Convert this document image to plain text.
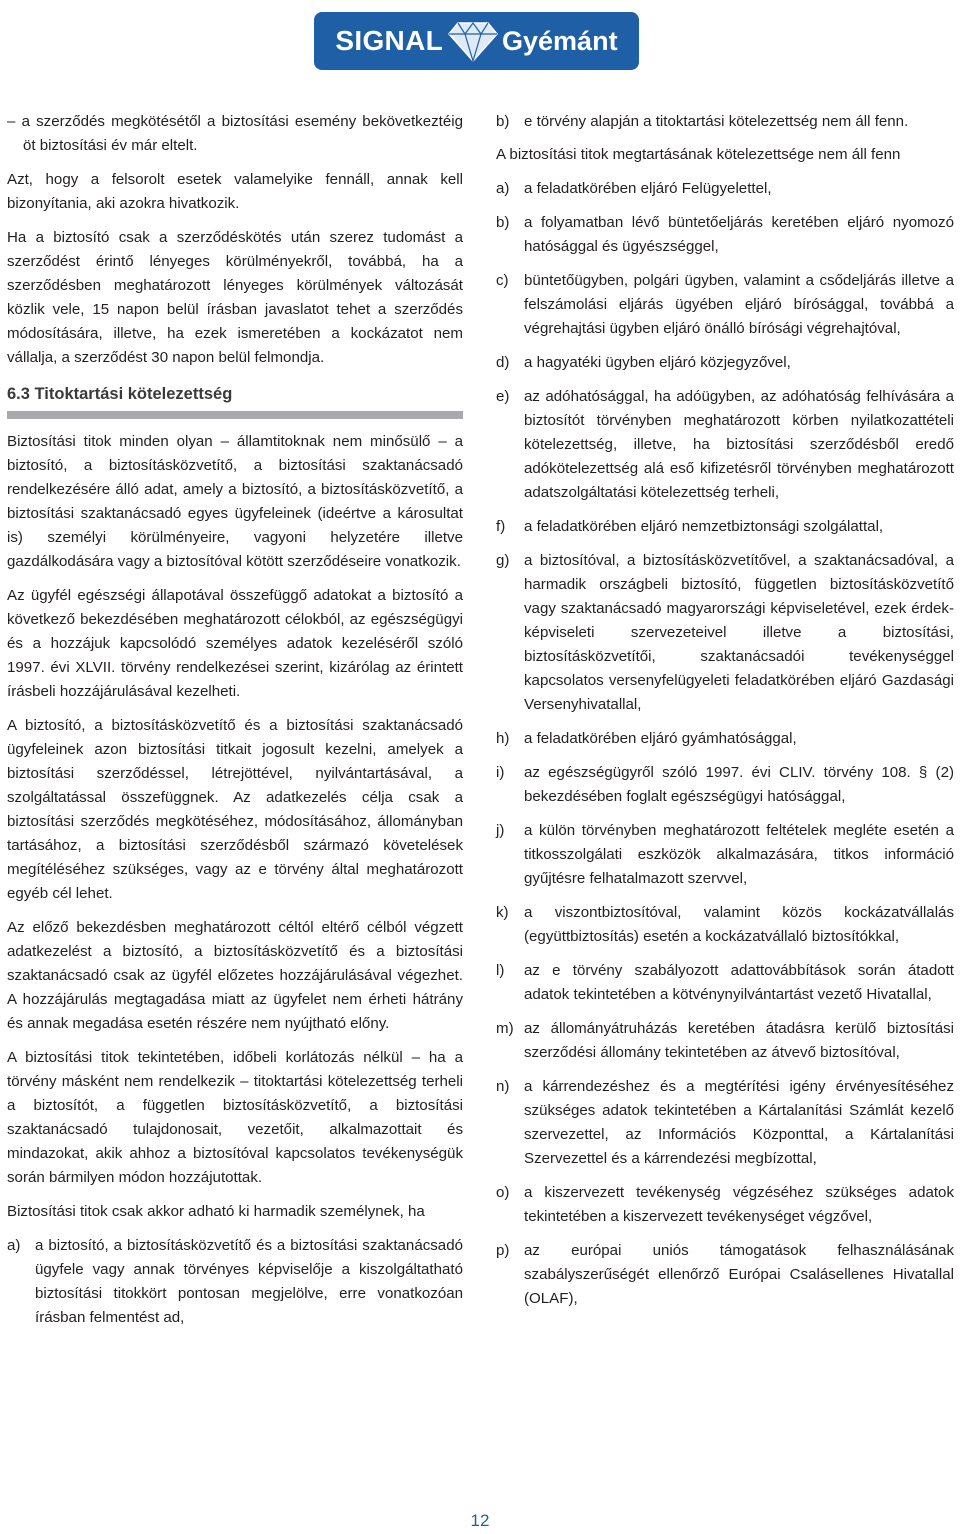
SIGNAL Gyémánt

– a szerződés megkötésétől a biztosítási esemény bekövetkeztéig öt biztosítási év már eltelt.

Azt, hogy a felsorolt esetek valamelyike fennáll, annak kell bizonyítania, aki azokra hivatkozik.

Ha a biztosító csak a szerződéskötés után szerez tudomást a szerződést érintő lényeges körülményekről, továbbá, ha a szerződésben meghatározott lényeges körülmények változását közlik vele, 15 napon belül írásban javaslatot tehet a szerződés módosítására, illetve, ha ezek ismeretében a kockázatot nem vállalja, a szerződést 30 napon belül felmondja.

6.3 Titoktartási kötelezettség

Biztosítási titok minden olyan – államtitoknak nem minősülő – a biztosító, a biztosításközvetítő, a biztosítási szaktanácsadó rendelkezésére álló adat, amely a biztosító, a biztosításközvetítő, a biztosítási szaktanácsadó egyes ügyfeleinek (ideértve a károsultat is) személyi körülményeire, vagyoni helyzetére illetve gazdálkodására vagy a biztosítóval kötött szerződéseire vonatkozik.

Az ügyfél egészségi állapotával összefüggő adatokat a biztosító a következő bekezdésében meghatározott célokból, az egészségügyi és a hozzájuk kapcsolódó személyes adatok kezeléséről szóló 1997. évi XLVII. törvény rendelkezései szerint, kizárólag az érintett írásbeli hozzájárulásával kezelheti.

A biztosító, a biztosításközvetítő és a biztosítási szaktanácsadó ügyfeleinek azon biztosítási titkait jogosult kezelni, amelyek a biztosítási szerződéssel, létrejöttével, nyilvántartásával, a szolgáltatással összefüggnek. Az adatkezelés célja csak a biztosítási szerződés megkötéséhez, módosításához, állományban tartásához, a biztosítási szerződésből származó követelések megítéléséhez szükséges, vagy az e törvény által meghatározott egyéb cél lehet.

Az előző bekezdésben meghatározott céltól eltérő célból végzett adatkezelést a biztosító, a biztosításközvetítő és a biztosítási szaktanácsadó csak az ügyfél előzetes hozzájárulásával végezhet. A hozzájárulás megtagadása miatt az ügyfelet nem érheti hátrány és annak megadása esetén részére nem nyújtható előny.

A biztosítási titok tekintetében, időbeli korlátozás nélkül – ha a törvény másként nem rendelkezik – titoktartási kötelezettség terheli a biztosítót, a független biztosításközvetítő, a biztosítási szaktanácsadó tulajdonosait, vezetőit, alkalmazottait és mindazokat, akik ahhoz a biztosítóval kapcsolatos tevékenységük során bármilyen módon hozzájutottak.

Biztosítási titok csak akkor adható ki harmadik személynek, ha

a) a biztosító, a biztosításközvetítő és a biztosítási szaktanácsadó ügyfele vagy annak törvényes képviselője a kiszolgáltatható biztosítási titokkört pontosan megjelölve, erre vonatkozóan írásban felmentést ad,
b) e törvény alapján a titoktartási kötelezettség nem áll fenn.

A biztosítási titok megtartásának kötelezettsége nem áll fenn

a) a feladatkörében eljáró Felügyelettel,
b) a folyamatban lévő büntetőeljárás keretében eljáró nyomozó hatósággal és ügyészséggel,
c)	büntetőügyben, polgári ügyben, valamint a csődeljárás illetve a felszámolási eljárás ügyében eljáró bírósággal, továbbá a végrehajtási ügyben eljáró önálló bírósági végrehajtóval,
d) a hagyatéki ügyben eljáró közjegyzővel,
e) az adóhatósággal, ha adóügyben, az adóhatóság felhívására a biztosítót törvényben meghatározott körben nyilatkozattételi kötelezettség, illetve, ha biztosítási szerződésből eredő adókötelezettség alá eső kifizetésről törvényben meghatározott adatszolgáltatási kötelezettség terheli,
f)	a feladatkörében eljáró nemzetbiztonsági szolgálattal,
g) a biztosítóval, a biztosításközvetítővel, a szaktanácsadóval, a harmadik országbeli biztosító, független biztosításközvetítő vagy szaktanácsadó magyarországi képviseletével, ezek érdek-képviseleti szervezeteivel illetve a biztosítási, biztosításközvetítői, szaktanácsadói tevékenységgel kapcsolatos versenyfelügyeleti feladatkörében eljáró Gazdasági Versenyhivatallal,
h) a feladatkörében eljáró gyámhatósággal,
i)	az egészségügyről szóló 1997. évi CLIV. törvény 108. § (2) bekezdésében foglalt egészségügyi hatósággal,
j)	a külön törvényben meghatározott feltételek megléte esetén a titkosszolgálati eszközök alkalmazására, titkos információ gyűjtésre felhatalmazott szervvel,
k)	a viszontbiztosítóval, valamint közös kockázatvállalás (együttbiztosítás) esetén a kockázatvállaló biztosítókkal,
l)	az e törvény szabályozott adattovábbítások során átadott adatok tekintetében a kötvénynyilvántartást vezető Hivatallal,
m) az állományátruházás keretében átadásra kerülő biztosítási szerződési állomány tekintetében az átvevő biztosítóval,
n) a kárrendezéshez és a megtérítési igény érvényesítéséhez szükséges adatok tekintetében a Kártalanítási Számlát kezelő szervezettel, az Információs Központtal, a Kártalanítási Szervezettel és a kárrendezési megbízottal,
o) a kiszervezett tevékenység végzéséhez szükséges adatok tekintetében a kiszervezett tevékenységet végzővel,
p) az európai uniós támogatások felhasználásának szabályszerűségét ellenőrző Európai Csalásellenes Hivatallal (OLAF),
12
